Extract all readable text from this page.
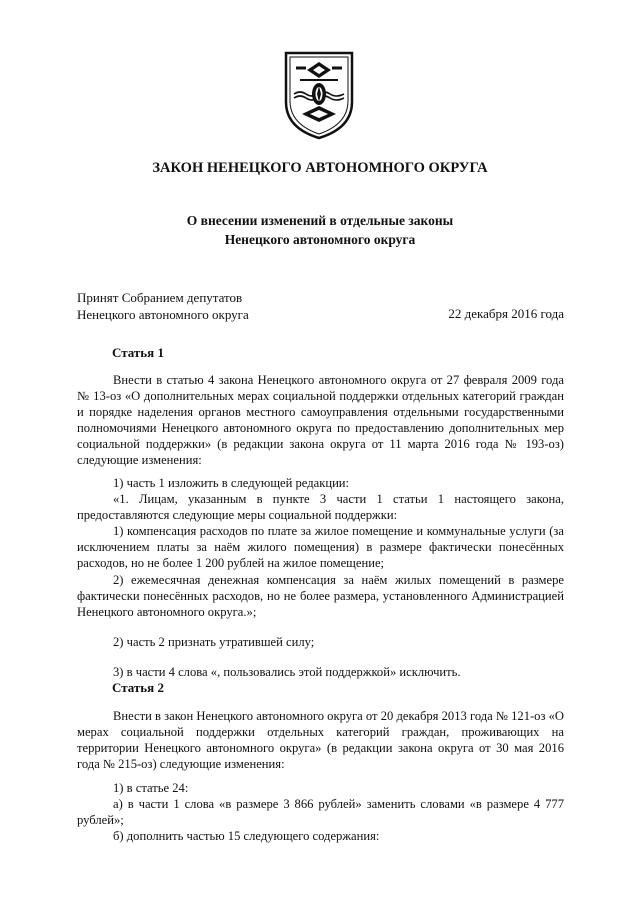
ЗАКОН НЕНЕЦКОГО АВТОНОМНОГО ОКРУГА
О внесении изменений в отдельные законы
Ненецкого автономного округа
Принят Собранием депутатов
Ненецкого автономного округа	22 декабря 2016 года
Статья 1
Внести в статью 4 закона Ненецкого автономного округа от 27 февраля 2009 года № 13-оз «О дополнительных мерах социальной поддержки отдельных категорий граждан и порядке наделения органов местного самоуправления отдельными государственными полномочиями Ненецкого автономного округа по предоставлению дополнительных мер социальной поддержки» (в редакции закона округа от 11 марта 2016 года № 193-оз) следующие изменения:
1) часть 1 изложить в следующей редакции:
«1. Лицам, указанным в пункте 3 части 1 статьи 1 настоящего закона, предоставляются следующие меры социальной поддержки:
1) компенсация расходов по плате за жилое помещение и коммунальные услуги (за исключением платы за наём жилого помещения) в размере фактически понесённых расходов, но не более 1 200 рублей на жилое помещение;
2) ежемесячная денежная компенсация за наём жилых помещений в размере фактически понесённых расходов, но не более размера, установленного Администрацией Ненецкого автономного округа.»;
2) часть 2 признать утратившей силу;
3) в части 4 слова «, пользовались этой поддержкой» исключить.
Статья 2
Внести в закон Ненецкого автономного округа от 20 декабря 2013 года № 121-оз «О мерах социальной поддержки отдельных категорий граждан, проживающих на территории Ненецкого автономного округа» (в редакции закона округа от 30 мая 2016 года № 215-оз) следующие изменения:
1) в статье 24:
а) в части 1 слова «в размере 3 866 рублей» заменить словами «в размере 4 777 рублей»;
б) дополнить частью 15 следующего содержания:
